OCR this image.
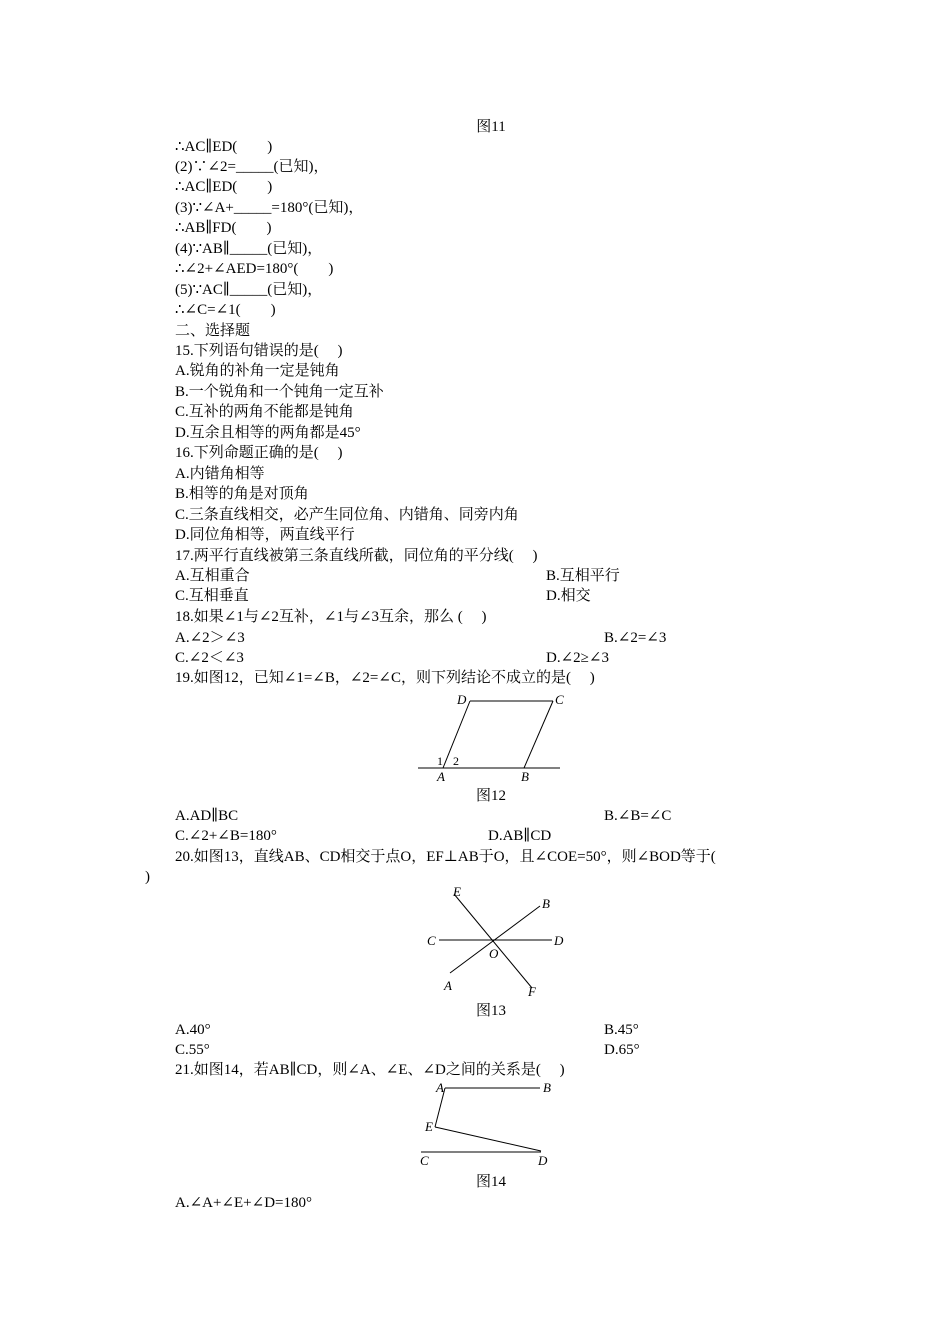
图11
∴AC∥ED(　　)
(2)∵∠2=_____(已知)，
∴AC∥ED(　　)
(3)∵∠A+_____=180°(已知)，
∴AB∥FD(　　)
(4)∵AB∥_____(已知)，
∴∠2+∠AED=180°(　　)
(5)∵AC∥_____(已知)，
∴∠C=∠1(　　)
二、选择题
15.下列语句错误的是(　 )
A.锐角的补角一定是钝角
B.一个锐角和一个钝角一定互补
C.互补的两角不能都是钝角
D.互余且相等的两角都是45°
16.下列命题正确的是(　 )
A.内错角相等
B.相等的角是对顶角
C.三条直线相交，必产生同位角、内错角、同旁内角
D.同位角相等，两直线平行
17.两平行直线被第三条直线所截，同位角的平分线(　 )
A.互相重合	B.互相平行
C.互相垂直	D.相交
18.如果∠1与∠2互补，∠1与∠3互余，那么 (　 )
A.∠2＞∠3	B.∠2=∠3
C.∠2＜∠3	D.∠2≥∠3
19.如图12，已知∠1=∠B，∠2=∠C，则下列结论不成立的是(　 )
D	C
1 2
A	B
图12
A.AD∥BC	B.∠B=∠C
C.∠2+∠B=180°	D.AB∥CD
20.如图13，直线AB、CD相交于点O，EF⊥AB于O，且∠COE=50°，则∠BOD等于(
)
E
B
C	D
O
A	F
图13
A.40°	B.45°
C.55°	D.65°
21.如图14，若AB∥CD，则∠A、∠E、∠D之间的关系是(　 )
A	B
E
C	D
图14
A.∠A+∠E+∠D=180°
